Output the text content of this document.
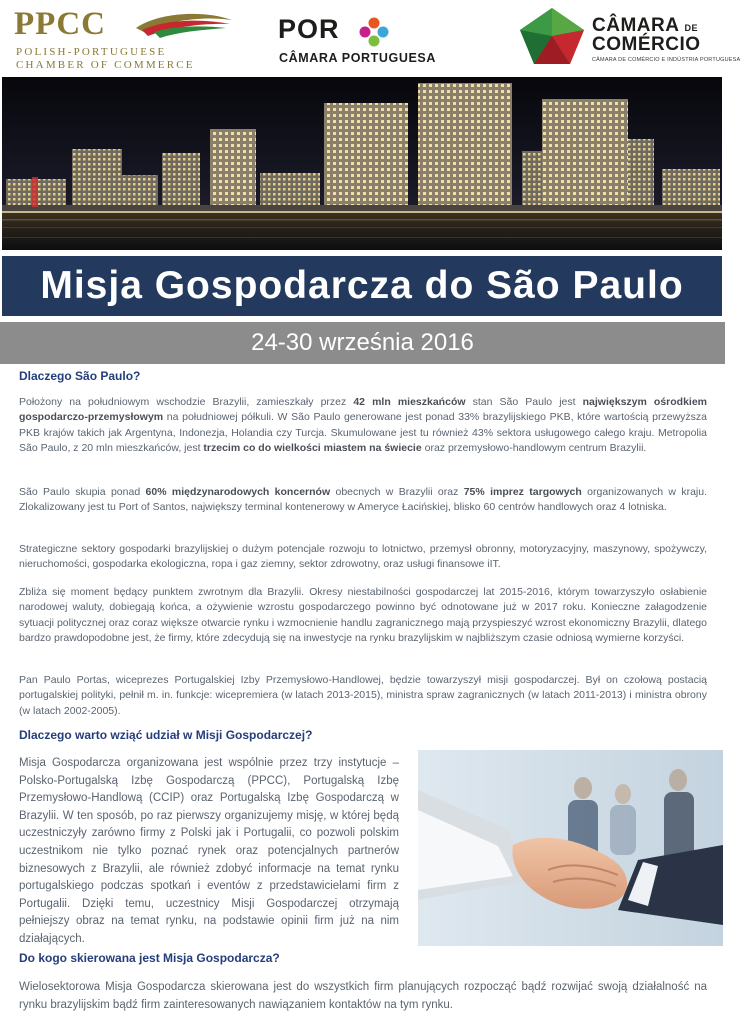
PPCC
POLISH-PORTUGUESE
CHAMBER OF COMMERCE
POR
CÂMARA PORTUGUESA
CÂMARA DE
COMÉRCIO
CÂMARA DE COMÉRCIO E INDÚSTRIA PORTUGUESA
Misja Gospodarcza do São Paulo
24-30 września 2016
Dlaczego São Paulo?
Położony na południowym wschodzie Brazylii, zamieszkały przez 42 mln mieszkańców stan São Paulo jest największym ośrodkiem gospodarczo-przemysłowym na południowej półkuli. W São Paulo generowane jest ponad 33% brazylijskiego PKB, które wartością przewyższa PKB krajów takich jak Argentyna, Indonezja, Holandia czy Turcja. Skumulowane jest tu również 43% sektora usługowego całego kraju. Metropolia São Paulo, z 20 mln mieszkańców, jest trzecim co do wielkości miastem na świecie oraz przemysłowo-handlowym centrum Brazylii.
São Paulo skupia ponad 60% międzynarodowych koncernów obecnych w Brazylii oraz 75% imprez targowych organizowanych w kraju. Zlokalizowany jest tu Port of Santos, największy terminal kontenerowy w Ameryce Łacińskiej, blisko 60 centrów handlowych oraz 4 lotniska.
Strategiczne sektory gospodarki brazylijskiej o dużym potencjale rozwoju to lotnictwo, przemysł obronny, motoryzacyjny, maszynowy, spożywczy, nieruchomości, gospodarka ekologiczna, ropa i gaz ziemny, sektor zdrowotny, oraz usługi finansowe iIT.
Zbliża się moment będący punktem zwrotnym dla Brazylii. Okresy niestabilności gospodarczej lat 2015-2016, którym towarzyszyło osłabienie narodowej waluty, dobiegają końca, a ożywienie wzrostu gospodarczego powinno być odnotowane już w 2017 roku. Konieczne załagodzenie sytuacji politycznej oraz coraz większe otwarcie rynku i wzmocnienie handlu zagranicznego mają przyspieszyć wzrost ekonomiczny Brazylii, dlatego bardzo prawdopodobne jest, że firmy, które zdecydują się na inwestycje na rynku brazylijskim w najbliższym czasie odniosą wymierne korzyści.
Pan Paulo Portas, wiceprezes Portugalskiej Izby Przemysłowo-Handlowej, będzie towarzyszył misji gospodarczej. Był on czołową postacią portugalskiej polityki, pełnił m. in. funkcje: wicepremiera (w latach 2013-2015), ministra spraw zagranicznych (w latach 2011-2013) i ministra obrony (w latach 2002-2005).
Dlaczego warto wziąć udział w Misji Gospodarczej?
Misja Gospodarcza organizowana jest wspólnie przez trzy instytucje – Polsko-Portugalską Izbę Gospodarczą (PPCC), Portugalską Izbę Przemysłowo-Handlową (CCIP) oraz Portugalską Izbę Gospodarczą w Brazylii. W ten sposób, po raz pierwszy organizujemy misję, w której będą uczestniczyły zarówno firmy z Polski jak i Portugalii, co pozwoli polskim uczestnikom nie tylko poznać rynek oraz potencjalnych partnerów biznesowych z Brazylii, ale również zdobyć informacje na temat rynku portugalskiego podczas spotkań i eventów z przedstawicielami firm z Portugalii. Dzięki temu, uczestnicy Misji Gospodarczej otrzymają pełniejszy obraz na temat rynku, na podstawie opinii firm już na nim działających.
Do kogo skierowana jest Misja Gospodarcza?
Wielosektorowa Misja Gospodarcza skierowana jest do wszystkich firm planujących rozpocząć bądź rozwijać swoją działalność na rynku brazylijskim bądź firm zainteresowanych nawiązaniem kontaktów na tym rynku.
